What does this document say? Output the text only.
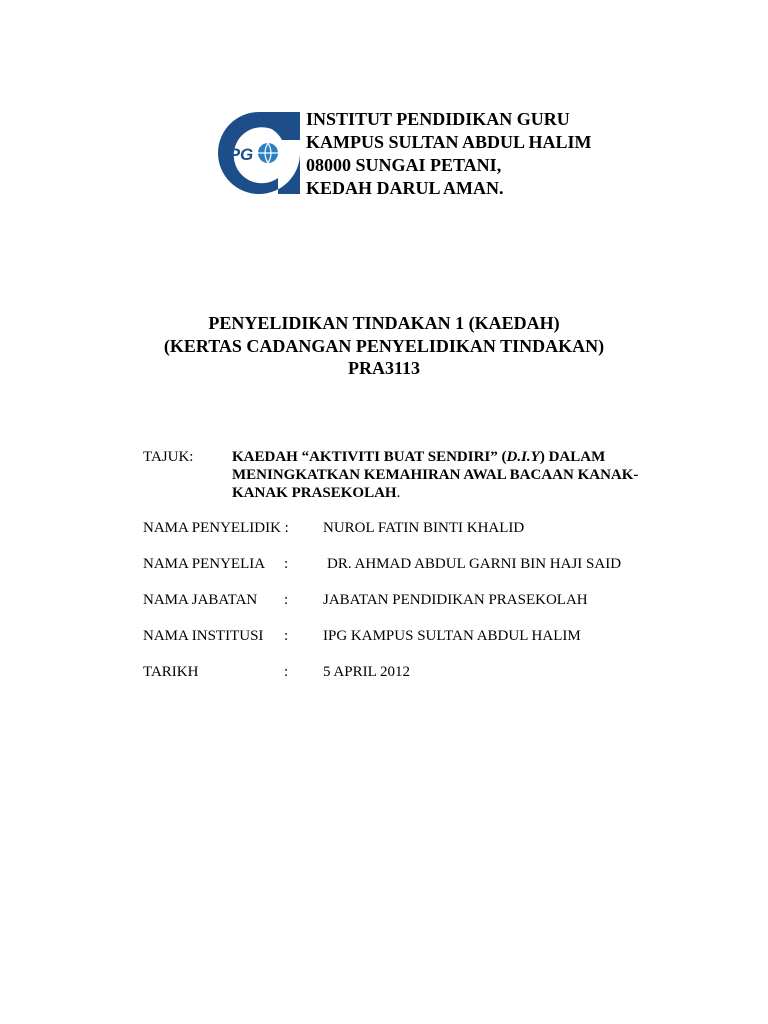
IPG
INSTITUT PENDIDIKAN GURU
KAMPUS SULTAN ABDUL HALIM
08000 SUNGAI PETANI,
KEDAH DARUL AMAN.
PENYELIDIKAN TINDAKAN 1 (KAEDAH)
(KERTAS CADANGAN PENYELIDIKAN TINDAKAN)
PRA3113
TAJUK:	KAEDAH “AKTIVITI BUAT SENDIRI” (D.I.Y) DALAM
MENINGKATKAN KEMAHIRAN AWAL BACAAN KANAK-
KANAK PRASEKOLAH.
NAMA PENYELIDIK : NUROL FATIN BINTI KHALID
NAMA PENYELIA :	DR. AHMAD ABDUL GARNI BIN HAJI SAID
NAMA JABATAN : JABATAN PENDIDIKAN PRASEKOLAH
NAMA INSTITUSI : IPG KAMPUS SULTAN ABDUL HALIM
TARIKH	: 5 APRIL 2012
